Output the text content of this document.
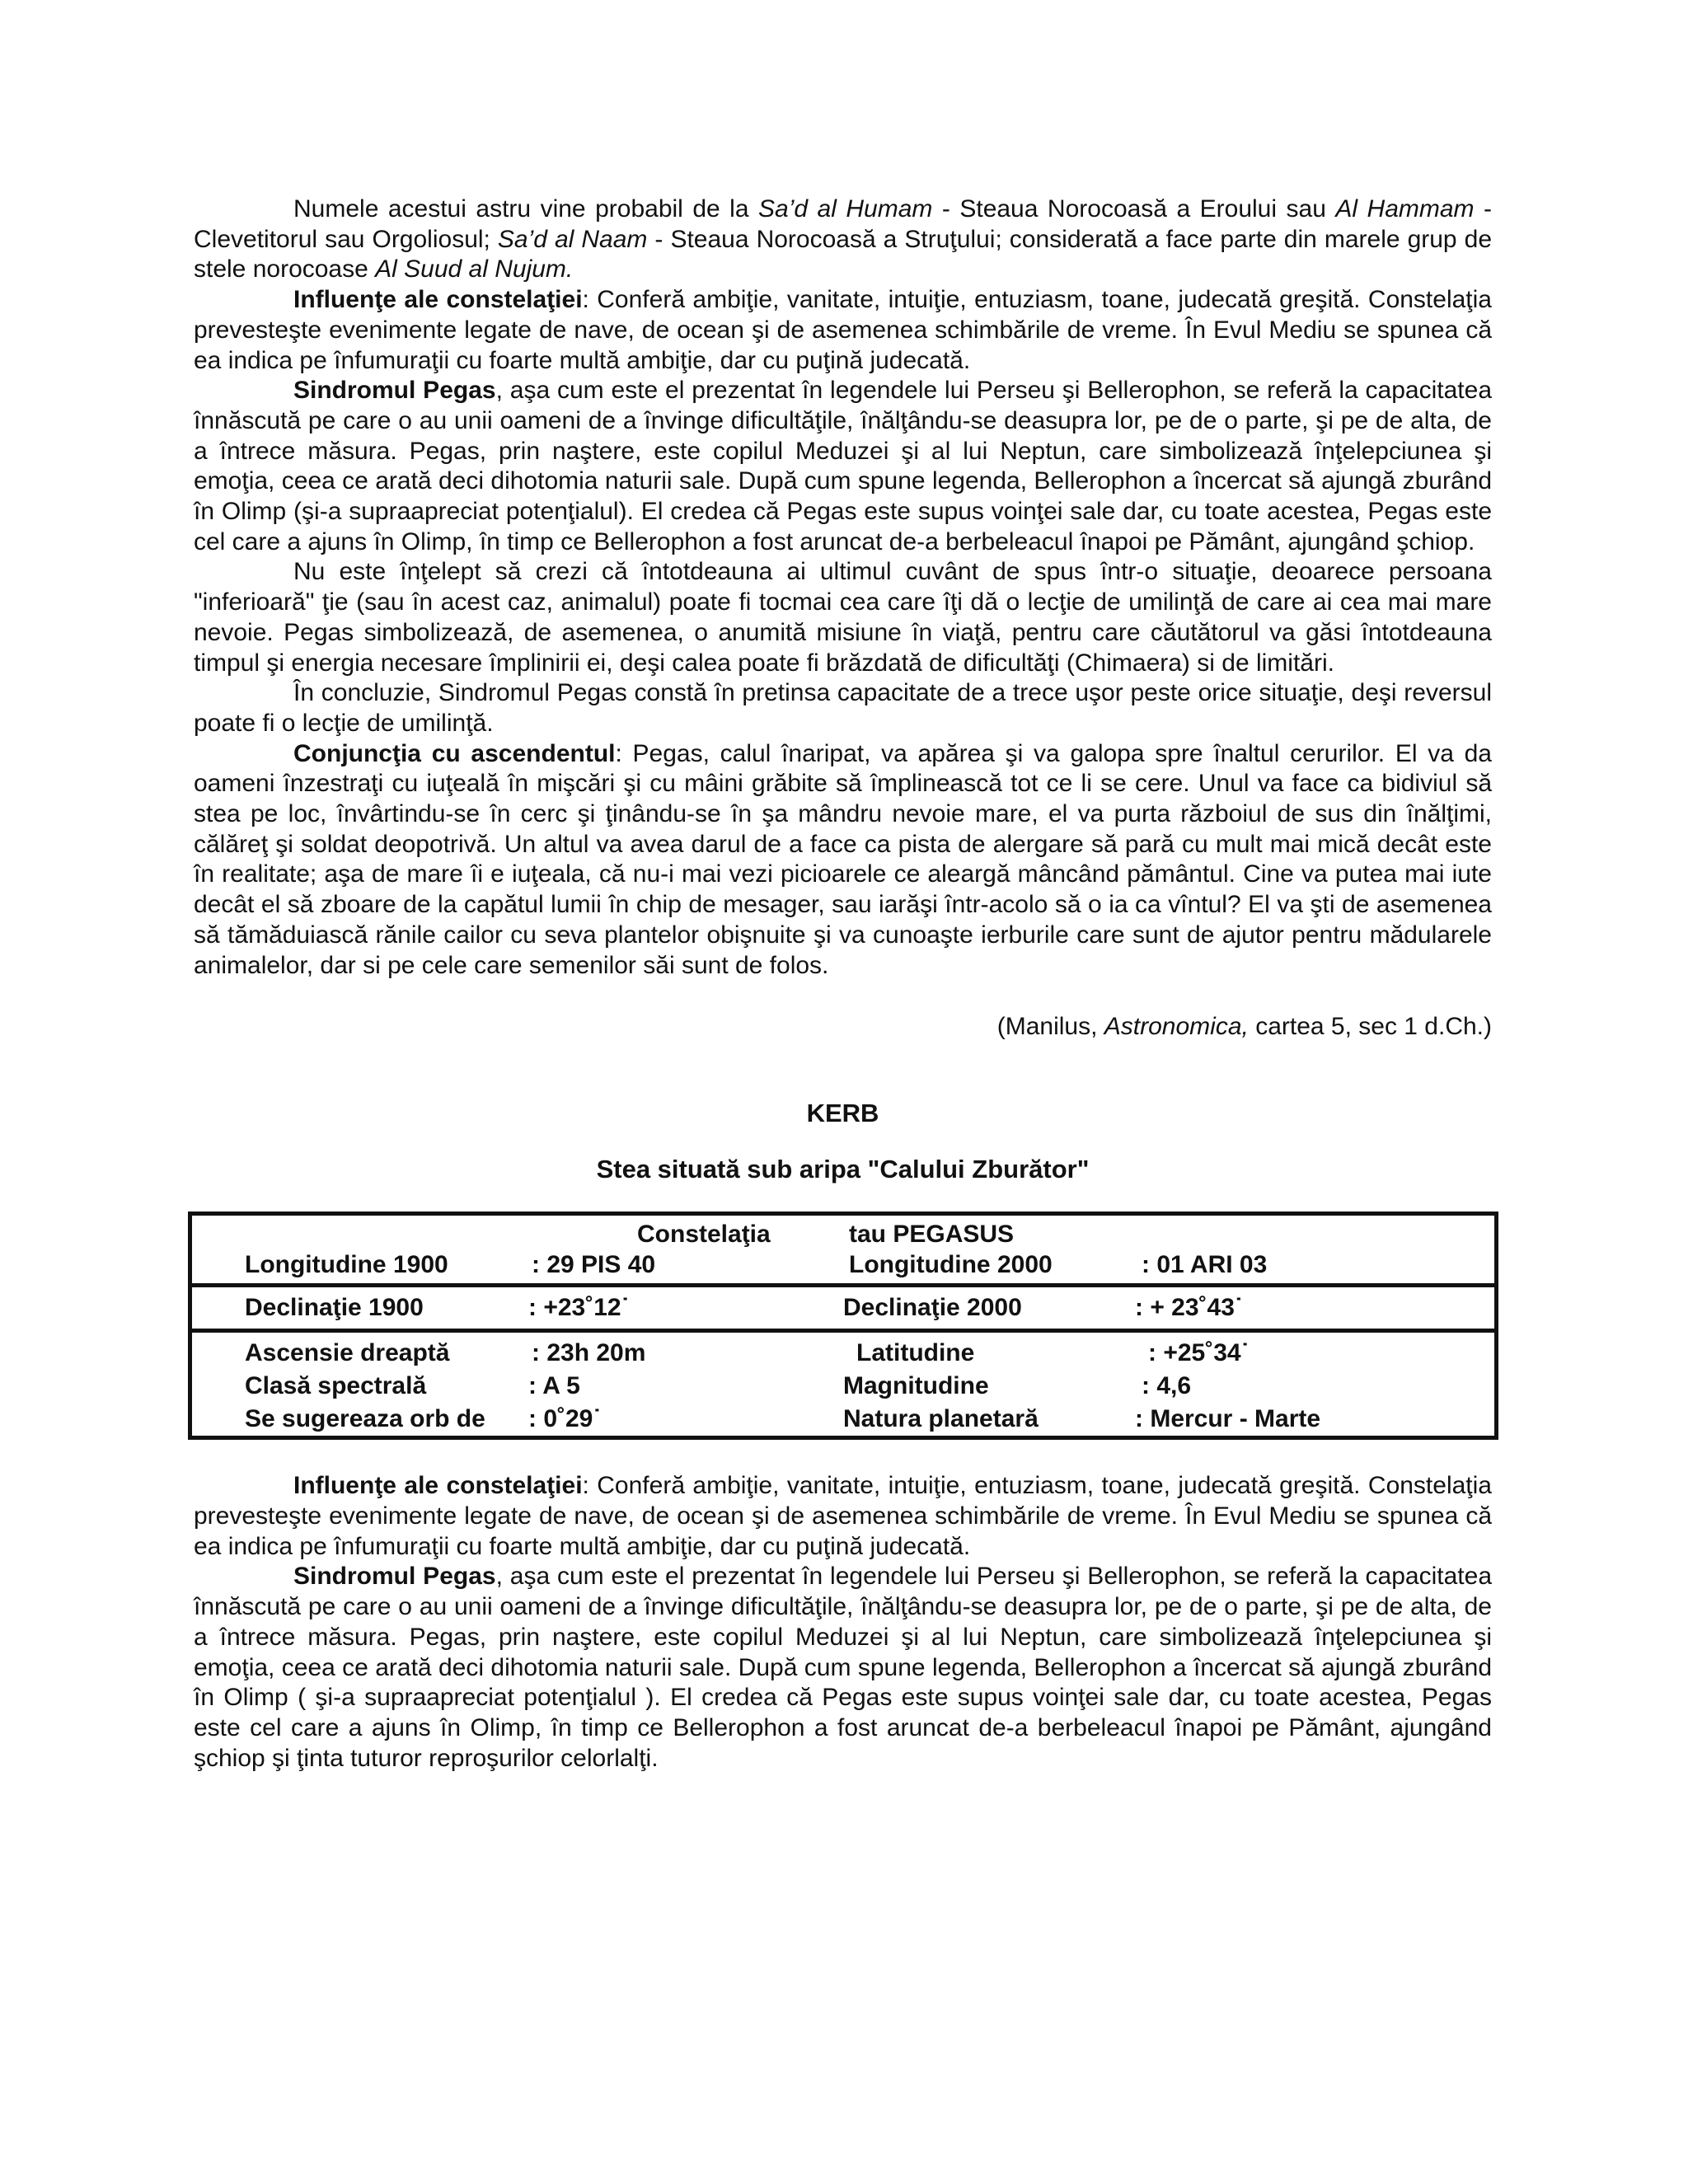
Numele acestui astru vine probabil de la Sa’d al Humam - Steaua Norocoasă a Eroului sau Al Hammam - Clevetitorul sau Orgoliosul; Sa’d al Naam - Steaua Norocoasă a Struţului; considerată a face parte din marele grup de stele norocoase Al Suud al Nujum.

Influenţe ale constelaţiei: Conferă ambiţie, vanitate, intuiţie, entuziasm, toane, judecată greşită. Constelaţia prevesteşte evenimente legate de nave, de ocean şi de asemenea schimbările de vreme. În Evul Mediu se spunea că ea indica pe înfumuraţii cu foarte multă ambiţie, dar cu puţină judecată.

Sindromul Pegas, aşa cum este el prezentat în legendele lui Perseu şi Bellerophon, se referă la capacitatea înnăscută pe care o au unii oameni de a învinge dificultăţile, înălţându-se deasupra lor, pe de o parte, şi pe de alta, de a întrece măsura. Pegas, prin naştere, este copilul Meduzei şi al lui Neptun, care simbolizează înţelepciunea şi emoţia, ceea ce arată deci dihotomia naturii sale. După cum spune legenda, Bellerophon a încercat să ajungă zburând în Olimp (şi-a supraapreciat potenţialul). El credea că Pegas este supus voinţei sale dar, cu toate acestea, Pegas este cel care a ajuns în Olimp, în timp ce Bellerophon a fost aruncat de-a berbeleacul înapoi pe Pământ, ajungând şchiop.

Nu este înţelept să crezi că întotdeauna ai ultimul cuvânt de spus într-o situaţie, deoarece persoana "inferioară" ţie (sau în acest caz, animalul) poate fi tocmai cea care îţi dă o lecţie de umilinţă de care ai cea mai mare nevoie. Pegas simbolizează, de asemenea, o anumită misiune în viaţă, pentru care căutătorul va găsi întotdeauna timpul şi energia necesare împlinirii ei, deşi calea poate fi brăzdată de dificultăţi (Chimaera) si de limitări.

În concluzie, Sindromul Pegas constă în pretinsa capacitate de a trece uşor peste orice situaţie, deşi reversul poate fi o lecţie de umilinţă.

Conjuncţia cu ascendentul: Pegas, calul înaripat, va apărea şi va galopa spre înaltul cerurilor. El va da oameni înzestraţi cu iuţeală în mişcări şi cu mâini grăbite să împlinească tot ce li se cere. Unul va face ca bidiviul să stea pe loc, învârtindu-se în cerc şi ţinându-se în şa mândru nevoie mare, el va purta războiul de sus din înălţimi, călăreţ şi soldat deopotrivă. Un altul va avea darul de a face ca pista de alergare să pară cu mult mai mică decât este în realitate; aşa de mare îi e iuţeala, că nu-i mai vezi picioarele ce aleargă mâncând pământul. Cine va putea mai iute decât el să zboare de la capătul lumii în chip de mesager, sau iarăşi într-acolo să o ia ca vîntul? El va şti de asemenea să tămăduiască rănile cailor cu seva plantelor obişnuite şi va cunoaşte ierburile care sunt de ajutor pentru mădularele animalelor, dar si pe cele care semenilor săi sunt de folos.

(Manilus, Astronomica, cartea 5, sec 1 d.Ch.)
KERB
Stea situată sub aripa "Calului Zburător"
Constelaţia	tau PEGASUS
Longitudine 1900	: 29 PIS 40	Longitudine 2000	: 01 ARI 03
Declinaţie 1900	: +23˚12˙	Declinaţie 2000	: + 23˚43˙
Ascensie dreaptă	: 23h 20m	Latitudine	: +25˚34˙
Clasă spectrală	: A 5	Magnitudine	: 4,6
Se sugereaza orb de : 0˚29˙	Natura planetară	: Mercur - Marte

Influenţe ale constelaţiei: Conferă ambiţie, vanitate, intuiţie, entuziasm, toane, judecată greşită. Constelaţia prevesteşte evenimente legate de nave, de ocean şi de asemenea schimbările de vreme. În Evul Mediu se spunea că ea indica pe înfumuraţii cu foarte multă ambiţie, dar cu puţină judecată.

Sindromul Pegas, aşa cum este el prezentat în legendele lui Perseu şi Bellerophon, se referă la capacitatea înnăscută pe care o au unii oameni de a învinge dificultăţile, înălţându-se deasupra lor, pe de o parte, şi pe de alta, de a întrece măsura. Pegas, prin naştere, este copilul Meduzei şi al lui Neptun, care simbolizează înţelepciunea şi emoţia, ceea ce arată deci dihotomia naturii sale. După cum spune legenda, Bellerophon a încercat să ajungă zburând în Olimp ( şi-a supraapreciat potenţialul ). El credea că Pegas este supus voinţei sale dar, cu toate acestea, Pegas este cel care a ajuns în Olimp, în timp ce Bellerophon a fost aruncat de-a berbeleacul înapoi pe Pământ, ajungând şchiop şi ţinta tuturor reproşurilor celorlalţi.
